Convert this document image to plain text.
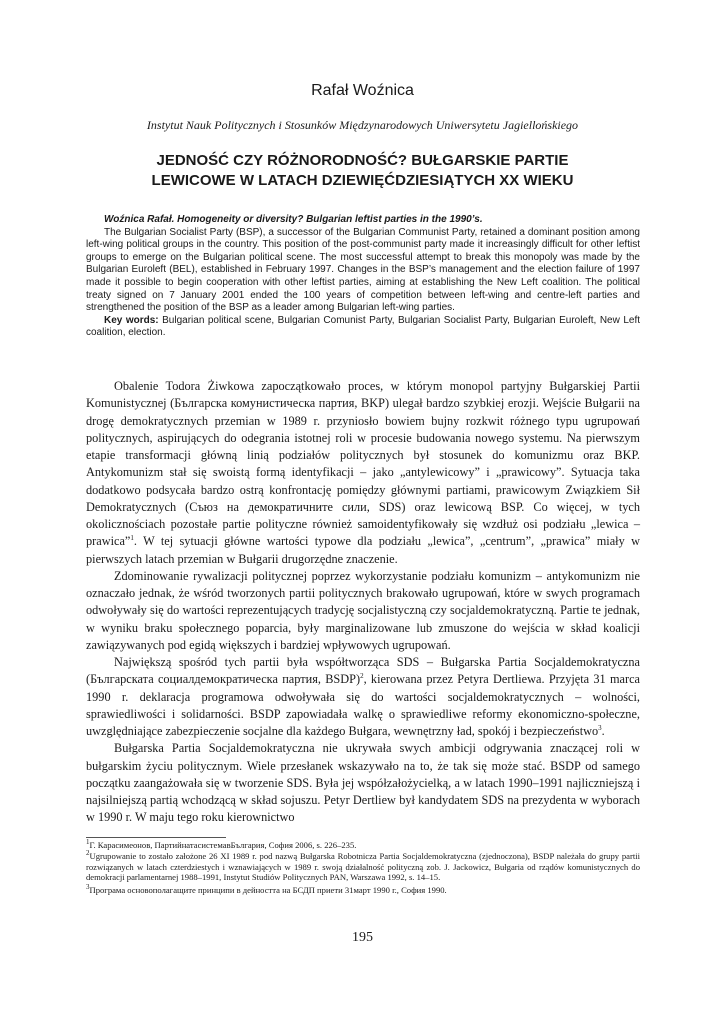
Rafał Woźnica
Instytut Nauk Politycznych i Stosunków Międzynarodowych Uniwersytetu Jagiellońskiego
JEDNOŚĆ CZY RÓŻNORODNOŚĆ? BUŁGARSKIE PARTIE
LEWICOWE W LATACH DZIEWIĘĆDZIESIĄTYCH XX WIEKU

Woźnica Rafał. Homogeneity or diversity? Bulgarian leftist parties in the 1990’s.

The Bulgarian Socialist Party (BSP), a successor of the Bulgarian Communist Party, retained a dominant position among left-wing political groups in the country. This position of the post-communist party made it increasingly difficult for other leftist groups to emerge on the Bulgarian political scene. The most successful attempt to break this monopoly was made by the Bulgarian Euroleft (BEL), established in February 1997. Changes in the BSP’s management and the election failure of 1997 made it possible to begin cooperation with other leftist parties, aiming at establishing the New Left coalition. The political treaty signed on 7 January 2001 ended the 100 years of competition between left-wing and centre-left parties and strengthened the position of the BSP as a leader among Bulgarian left-wing parties.

Key words: Bulgarian political scene, Bulgarian Comunist Party, Bulgarian Socialist Party, Bulgarian Euroleft, New Left coalition, election.

Obalenie Todora Żiwkowa zapoczątkowało proces, w którym monopol partyjny Bułgarskiej Partii Komunistycznej (Българска комунистическа партия, BKP) ulegał bardzo szybkiej erozji. Wejście Bułgarii na drogę demokratycznych przemian w 1989 r. przyniosło bowiem bujny rozkwit różnego typu ugrupowań politycznych, aspirujących do odegrania istotnej roli w procesie budowania nowego systemu. Na pierwszym etapie transformacji główną linią podziałów politycznych był stosunek do komunizmu oraz BKP. Antykomunizm stał się swoistą formą identyfikacji – jako „antylewicowy” i „prawicowy”. Sytuacja taka dodatkowo podsycała bardzo ostrą konfrontację pomiędzy głównymi partiami, prawicowym Związkiem Sił Demokratycznych (Съюз на демократичните сили, SDS) oraz lewicową BSP. Co więcej, w tych okolicznościach pozostałe partie polityczne również samoidentyfikowały się wzdłuż osi podziału „lewica – prawica”$^1$. W tej sytuacji główne wartości typowe dla podziału „lewica”, „centrum”, „prawica” miały w pierwszych latach przemian w Bułgarii drugorzędne znaczenie.

Zdominowanie rywalizacji politycznej poprzez wykorzystanie podziału komunizm – antykomunizm nie oznaczało jednak, że wśród tworzonych partii politycznych brakowało ugrupowań, które w swych programach odwoływały się do wartości reprezentujących tradycję socjalistyczną czy socjaldemokratyczną. Partie te jednak, w wyniku braku społecznego poparcia, były marginalizowane lub zmuszone do wejścia w skład koalicji zawiązywanych pod egidą większych i bardziej wpływowych ugrupowań.

Największą spośród tych partii była współtworząca SDS – Bułgarska Partia Socjaldemokratyczna (Българската социалдемократическа партия, BSDP)$^2$, kierowana przez Petyra Dertliewa. Przyjęta 31 marca 1990 r. deklaracja programowa odwoływała się do wartości socjaldemokratycznych – wolności, sprawiedliwości i solidarności. BSDP zapowiadała walkę o sprawiedliwe reformy ekonomiczno-społeczne, uwzględniające zabezpieczenie socjalne dla każdego Bułgara, wewnętrzny ład, spokój i bezpieczeństwo$^3$.

Bułgarska Partia Socjaldemokratyczna nie ukrywała swych ambicji odgrywania znaczącej roli w bułgarskim życiu politycznym. Wiele przesłanek wskazywało na to, że tak się może stać. BSDP od samego początku zaangażowała się w tworzenie SDS. Była jej współzałożycielką, a w latach 1990–1991 najliczniejszą i najsilniejszą partią wchodzącą w skład sojuszu. Petyr Dertliew był kandydatem SDS na prezydenta w wyborach w 1990 r. W maju tego roku kierownictwo

$^1$Г. Карасимеонов, ПартийнатасистемавБългария, София 2006, s. 226–235.

$^2$Ugrupowanie to zostało założone 26 XI 1989 r. pod nazwą Bułgarska Robotnicza Partia Socjaldemokratyczna (zjednoczona), BSDP należała do grupy partii rozwiązanych w latach czterdziestych i wznawiających w 1989 r. swoją działalność polityczną zob. J. Jackowicz, Bułgaria od rządów komunistycznych do demokracji parlamentarnej 1988–1991, Instytut Studiów Politycznych PAN, Warszawa 1992, s. 14–15.

$^3$Програма основополагащите принципи в дейността на БСДП приети 31март 1990 г., София 1990.

195
